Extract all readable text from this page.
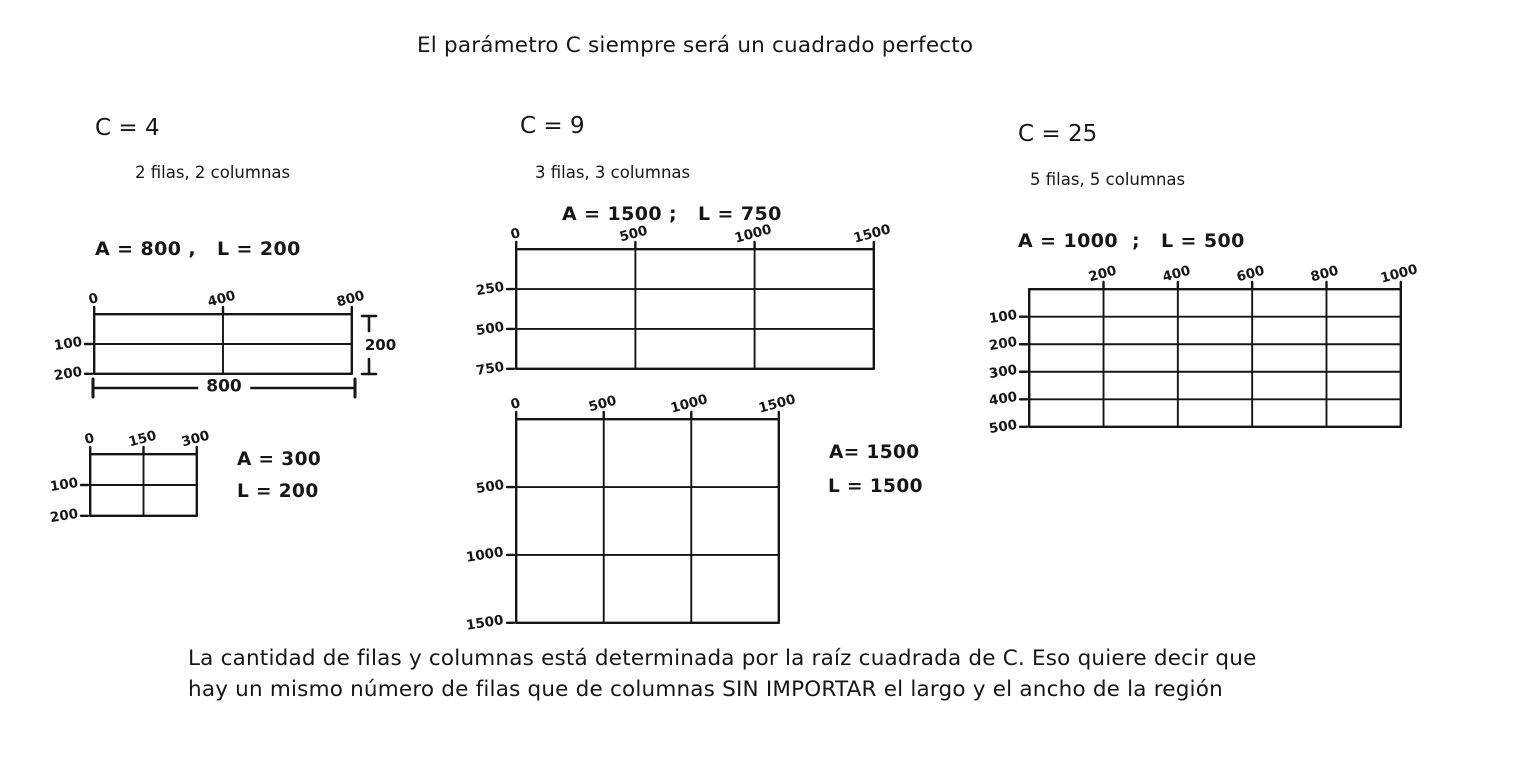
El parámetro C siempre será un cuadrado perfecto
C = 4
2 filas, 2 columnas
A = 800 ,   L = 200
0	400	800
100
200
800
200
0 150 300
100
200
A = 300
L = 200
C = 9
3 filas, 3 columnas
A = 1500 ;   L = 750
0	500	1000	1500
250
500
750
0	500	1000	1500
500
1000
1500
A= 1500
L = 1500
C = 25
5 filas, 5 columnas
A = 1000  ;   L = 500
200	400	600	800	1000
100
200
300
400
500
La cantidad de filas y columnas está determinada por la raíz cuadrada de C. Eso quiere decir que
hay un mismo número de filas que de columnas SIN IMPORTAR el largo y el ancho de la región
